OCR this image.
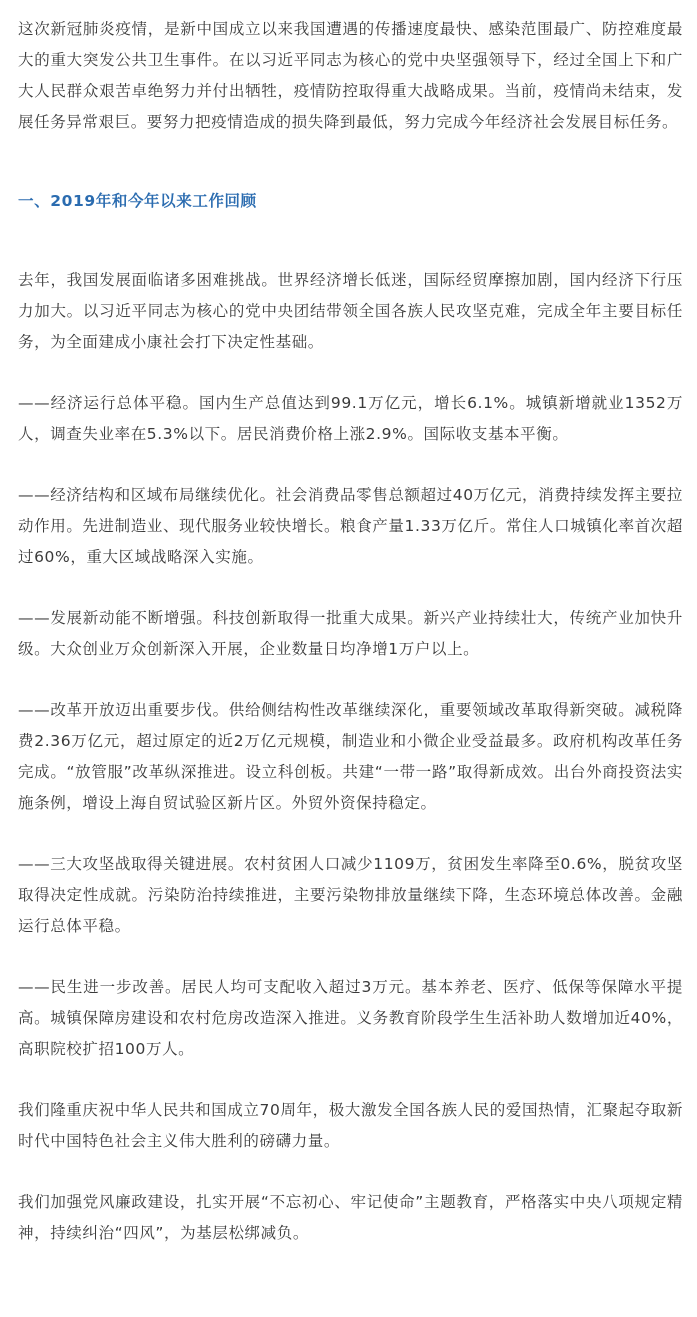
这次新冠肺炎疫情，是新中国成立以来我国遭遇的传播速度最快、感染范围最广、防控难度最大的重大突发公共卫生事件。在以习近平同志为核心的党中央坚强领导下，经过全国上下和广大人民群众艰苦卓绝努力并付出牺牲，疫情防控取得重大战略成果。当前，疫情尚未结束，发展任务异常艰巨。要努力把疫情造成的损失降到最低，努力完成今年经济社会发展目标任务。

一、2019年和今年以来工作回顾

去年，我国发展面临诸多困难挑战。世界经济增长低迷，国际经贸摩擦加剧，国内经济下行压力加大。以习近平同志为核心的党中央团结带领全国各族人民攻坚克难，完成全年主要目标任务，为全面建成小康社会打下决定性基础。

——经济运行总体平稳。国内生产总值达到99.1万亿元，增长6.1%。城镇新增就业1352万人，调查失业率在5.3%以下。居民消费价格上涨2.9%。国际收支基本平衡。

——经济结构和区域布局继续优化。社会消费品零售总额超过40万亿元，消费持续发挥主要拉动作用。先进制造业、现代服务业较快增长。粮食产量1.33万亿斤。常住人口城镇化率首次超过60%，重大区域战略深入实施。

——发展新动能不断增强。科技创新取得一批重大成果。新兴产业持续壮大，传统产业加快升级。大众创业万众创新深入开展，企业数量日均净增1万户以上。

——改革开放迈出重要步伐。供给侧结构性改革继续深化，重要领域改革取得新突破。减税降费2.36万亿元，超过原定的近2万亿元规模，制造业和小微企业受益最多。政府机构改革任务完成。“放管服”改革纵深推进。设立科创板。共建“一带一路”取得新成效。出台外商投资法实施条例，增设上海自贸试验区新片区。外贸外资保持稳定。

——三大攻坚战取得关键进展。农村贫困人口减少1109万，贫困发生率降至0.6%，脱贫攻坚取得决定性成就。污染防治持续推进，主要污染物排放量继续下降，生态环境总体改善。金融运行总体平稳。

——民生进一步改善。居民人均可支配收入超过3万元。基本养老、医疗、低保等保障水平提高。城镇保障房建设和农村危房改造深入推进。义务教育阶段学生生活补助人数增加近40%，高职院校扩招100万人。

我们隆重庆祝中华人民共和国成立70周年，极大激发全国各族人民的爱国热情，汇聚起夺取新时代中国特色社会主义伟大胜利的磅礴力量。

我们加强党风廉政建设，扎实开展“不忘初心、牢记使命”主题教育，严格落实中央八项规定精神，持续纠治“四风”，为基层松绑减负。
